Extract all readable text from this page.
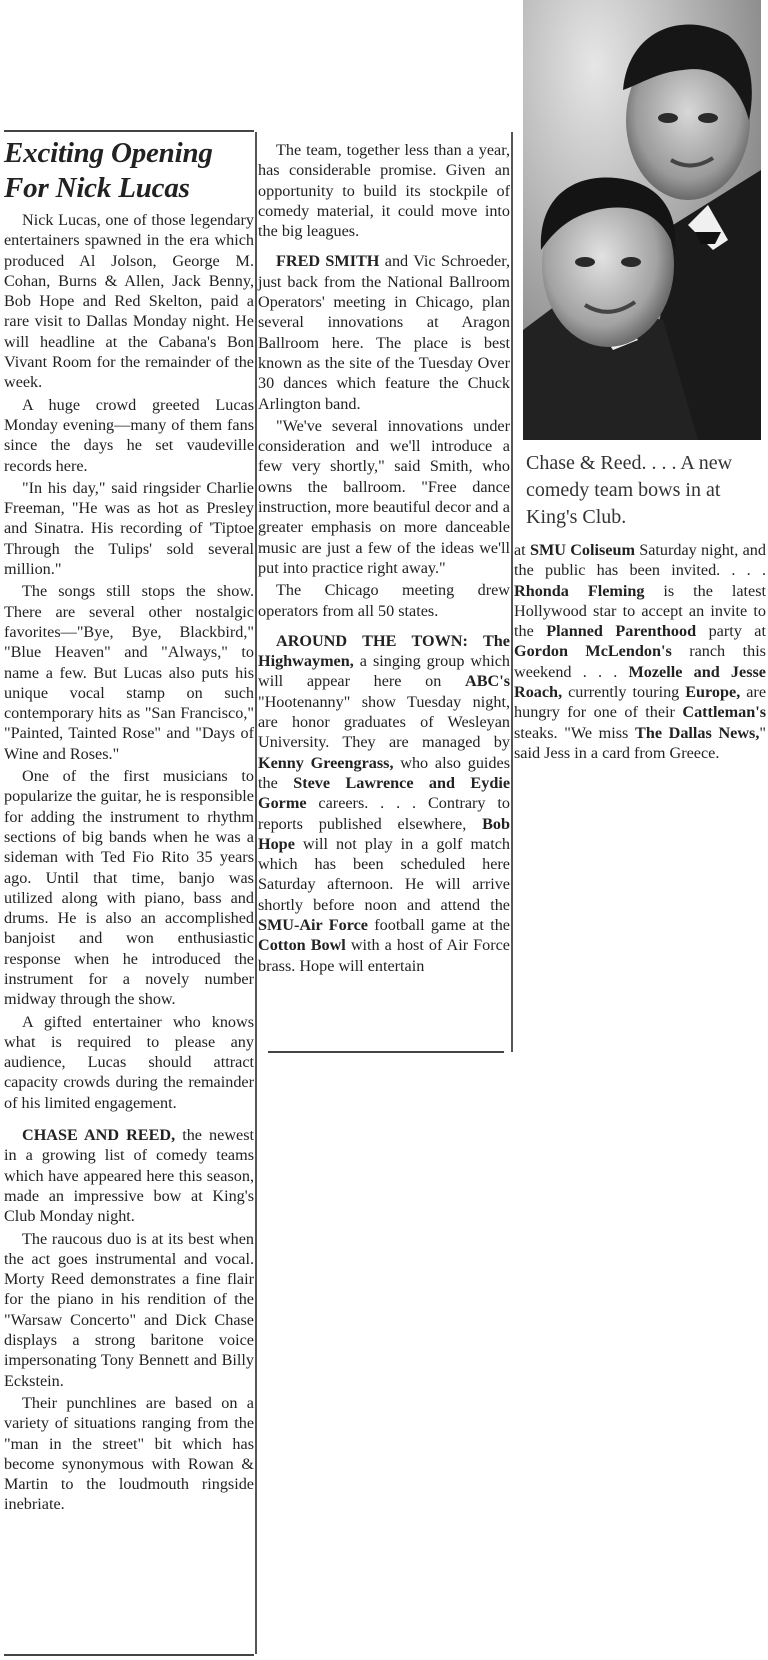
Chase & Reed. . . . A new comedy team bows in at King's Club.

Exciting Opening
For Nick Lucas

Nick Lucas, one of those legendary entertainers spawned in the era which produced Al Jolson, George M. Cohan, Burns & Allen, Jack Benny, Bob Hope and Red Skelton, paid a rare visit to Dallas Monday night. He will headline at the Cabana's Bon Vivant Room for the remainder of the week.

A huge crowd greeted Lucas Monday evening—many of them fans since the days he set vaudeville records here.

"In his day," said ringsider Charlie Freeman, "He was as hot as Presley and Sinatra. His recording of 'Tiptoe Through the Tulips' sold several million."

The songs still stops the show. There are several other nostalgic favorites—"Bye, Bye, Blackbird," "Blue Heaven" and "Always," to name a few. But Lucas also puts his unique vocal stamp on such contemporary hits as "San Francisco," "Painted, Tainted Rose" and "Days of Wine and Roses."

One of the first musicians to popularize the guitar, he is responsible for adding the instrument to rhythm sections of big bands when he was a sideman with Ted Fio Rito 35 years ago. Until that time, banjo was utilized along with piano, bass and drums. He is also an accomplished banjoist and won enthusiastic response when he introduced the instrument for a novely number midway through the show.

A gifted entertainer who knows what is required to please any audience, Lucas should attract capacity crowds during the remainder of his limited engagement.

CHASE AND REED, the newest in a growing list of comedy teams which have appeared here this season, made an impressive bow at King's Club Monday night.

The raucous duo is at its best when the act goes instrumental and vocal. Morty Reed demonstrates a fine flair for the piano in his rendition of the "Warsaw Concerto" and Dick Chase displays a strong baritone voice impersonating Tony Bennett and Billy Eckstein.

Their punchlines are based on a variety of situations ranging from the "man in the street" bit which has become synonymous with Rowan & Martin to the loudmouth ringside inebriate.

The team, together less than a year, has considerable promise. Given an opportunity to build its stockpile of comedy material, it could move into the big leagues.

FRED SMITH and Vic Schroeder, just back from the National Ballroom Operators' meeting in Chicago, plan several innovations at Aragon Ballroom here. The place is best known as the site of the Tuesday Over 30 dances which feature the Chuck Arlington band.

"We've several innovations under consideration and we'll introduce a few very shortly," said Smith, who owns the ballroom. "Free dance instruction, more beautiful decor and a greater emphasis on more danceable music are just a few of the ideas we'll put into practice right away."

The Chicago meeting drew operators from all 50 states.

AROUND THE TOWN: The Highwaymen, a singing group which will appear here on ABC's "Hootenanny" show Tuesday night, are honor graduates of Wesleyan University. They are managed by Kenny Greengrass, who also guides the Steve Lawrence and Eydie Gorme careers. . . . Contrary to reports published elsewhere, Bob Hope will not play in a golf match which has been scheduled here Saturday afternoon. He will arrive shortly before noon and attend the SMU-Air Force football game at the Cotton Bowl with a host of Air Force brass. Hope will entertain

at SMU Coliseum Saturday night, and the public has been invited. . . . Rhonda Fleming is the latest Hollywood star to accept an invite to the Planned Parenthood party at Gordon McLendon's ranch this weekend . . . Mozelle and Jesse Roach, currently touring Europe, are hungry for one of their Cattleman's steaks. "We miss The Dallas News," said Jess in a card from Greece.
